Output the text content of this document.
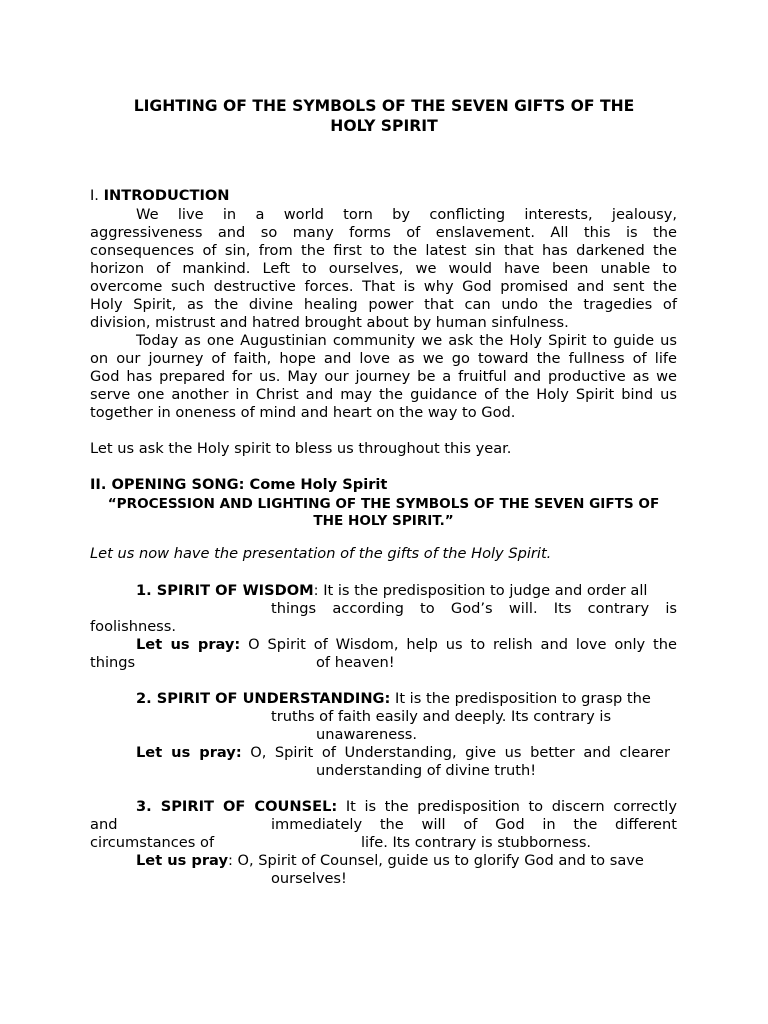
LIGHTING OF THE SYMBOLS OF THE SEVEN GIFTS OF THE
HOLY SPIRIT
I. INTRODUCTION
We live in a world torn by conflicting interests, jealousy,
aggressiveness and so many forms of enslavement. All this is the
consequences of sin, from the first to the latest sin that has darkened the
horizon of mankind. Left to ourselves, we would have been unable to
overcome such destructive forces. That is why God promised and sent the
Holy Spirit, as the divine healing power that can undo the tragedies of
division, mistrust and hatred brought about by human sinfulness.
Today as one Augustinian community we ask the Holy Spirit to guide us
on our journey of faith, hope and love as we go toward the fullness of life
God has prepared for us. May our journey be a fruitful and productive as we
serve one another in Christ and may the guidance of the Holy Spirit bind us
together in oneness of mind and heart on the way to God.
Let us ask the Holy spirit to bless us throughout this year.
II. OPENING SONG: Come Holy Spirit
“PROCESSION AND LIGHTING OF THE SYMBOLS OF THE SEVEN GIFTS OF
THE HOLY SPIRIT.”
Let us now have the presentation of the gifts of the Holy Spirit.
1. SPIRIT OF WISDOM: It is the predisposition to judge and order all
things according to God’s will. Its contrary is
foolishness.
Let us pray: O Spirit of Wisdom, help us to relish and love only the
things	of heaven!
2. SPIRIT OF UNDERSTANDING: It is the predisposition to grasp the
truths of faith easily and deeply. Its contrary is
unawareness.
Let us pray: O, Spirit of Understanding, give us better and clearer
understanding of divine truth!
3. SPIRIT OF COUNSEL: It is the predisposition to discern correctly
and	immediately the will of God in the different
circumstances of	life. Its contrary is stubborness.
Let us pray: O, Spirit of Counsel, guide us to glorify God and to save
ourselves!
